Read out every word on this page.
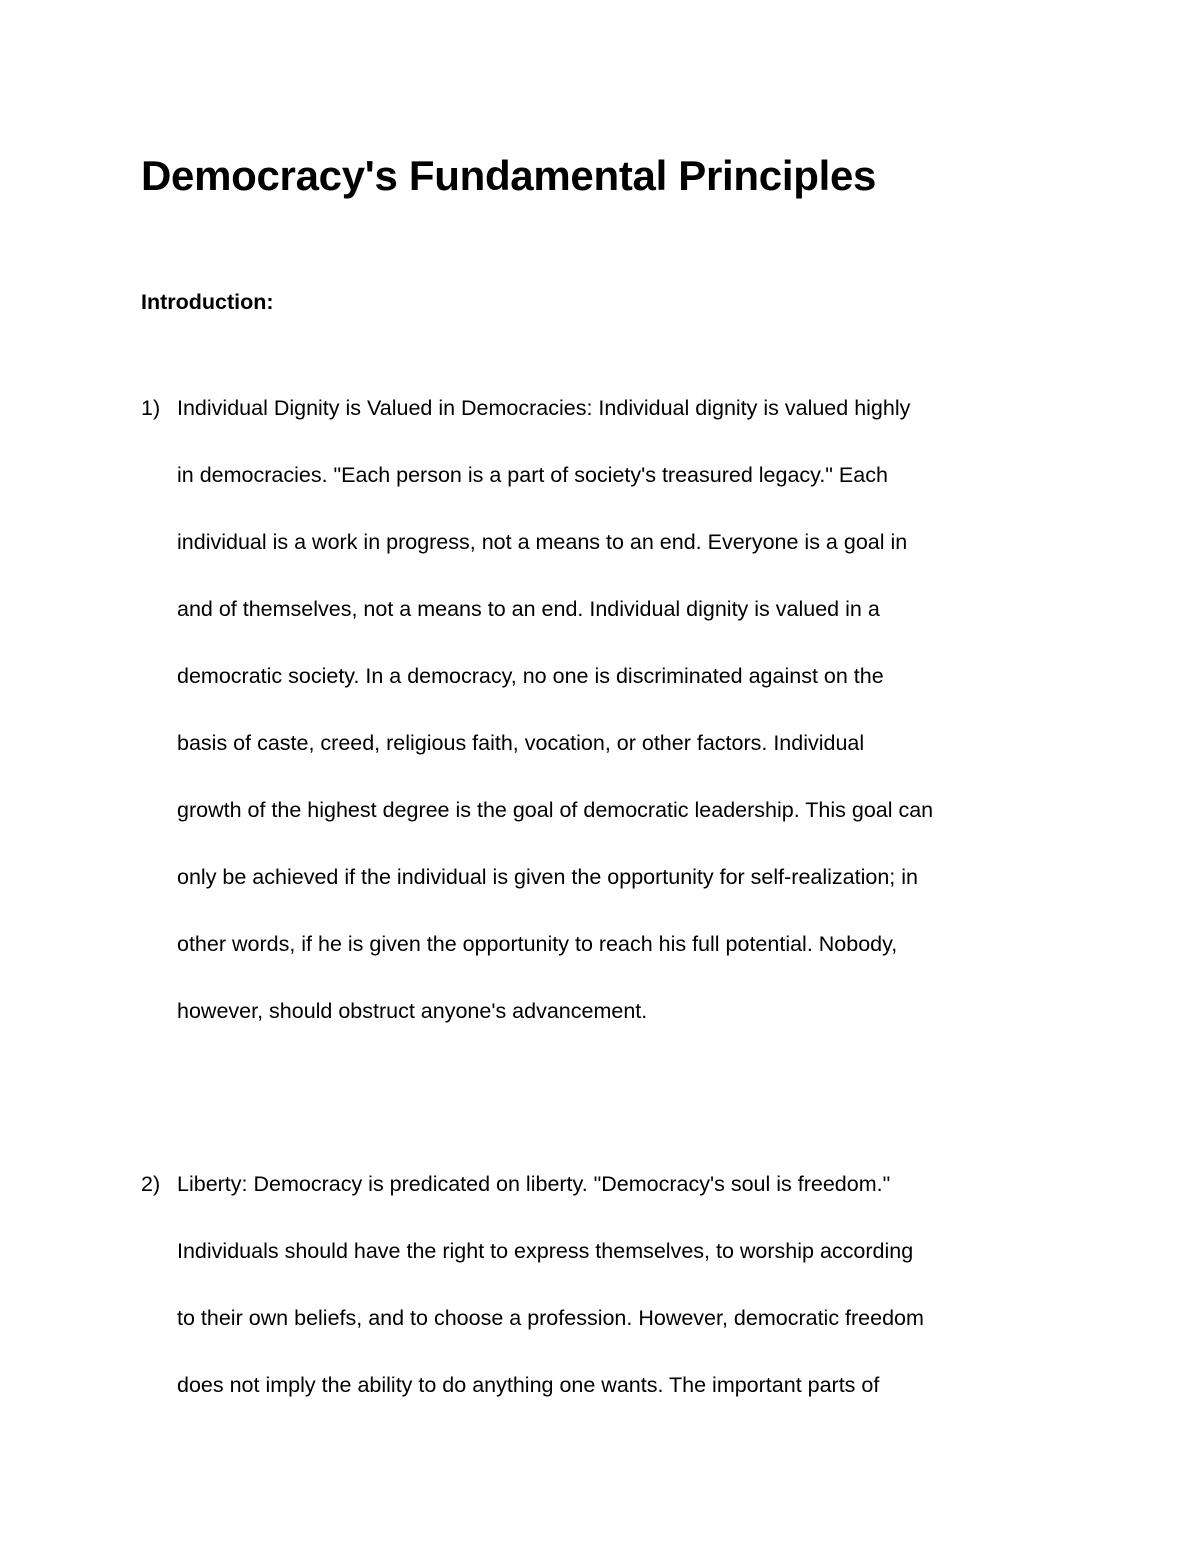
Democracy's Fundamental Principles
Introduction:
1) Individual Dignity is Valued in Democracies: Individual dignity is valued highly
in democracies. "Each person is a part of society's treasured legacy." Each
individual is a work in progress, not a means to an end. Everyone is a goal in
and of themselves, not a means to an end. Individual dignity is valued in a
democratic society. In a democracy, no one is discriminated against on the
basis of caste, creed, religious faith, vocation, or other factors. Individual
growth of the highest degree is the goal of democratic leadership. This goal can
only be achieved if the individual is given the opportunity for self-realization; in
other words, if he is given the opportunity to reach his full potential. Nobody,
however, should obstruct anyone's advancement.
2) Liberty: Democracy is predicated on liberty. "Democracy's soul is freedom."
Individuals should have the right to express themselves, to worship according
to their own beliefs, and to choose a profession. However, democratic freedom
does not imply the ability to do anything one wants. The important parts of
